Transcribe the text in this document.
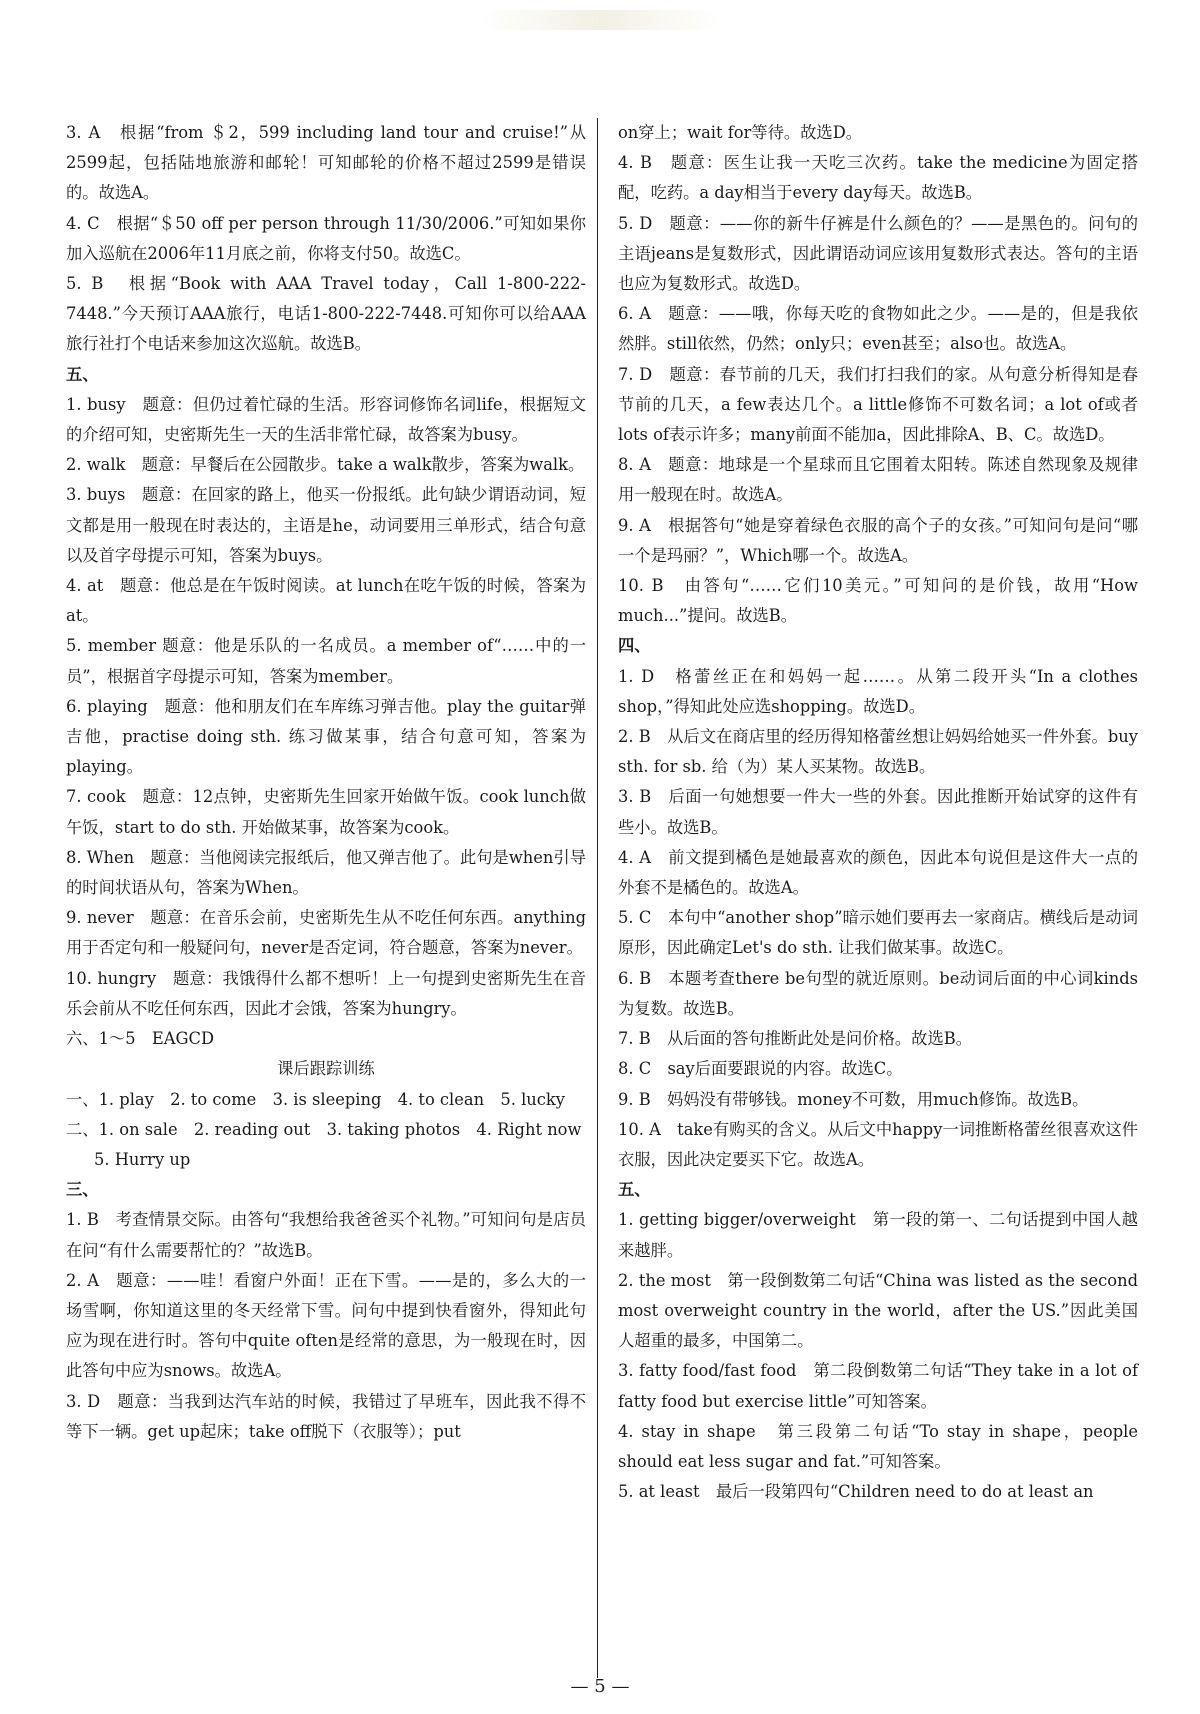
3. A　根据“from ＄2，599 including land tour and cruise!”从2599起，包括陆地旅游和邮轮！可知邮轮的价格不超过2599是错误的。故选A。

4. C　根据“＄50 off per person through 11/30/2006.”可知如果你加入巡航在2006年11月底之前，你将支付50。故选C。

5. B　根据“Book with AAA Travel today，Call 1-800-222-7448.”今天预订AAA旅行，电话1-800-222-7448.可知你可以给AAA旅行社打个电话来参加这次巡航。故选B。

五、

1. busy　题意：但仍过着忙碌的生活。形容词修饰名词life，根据短文的介绍可知，史密斯先生一天的生活非常忙碌，故答案为busy。

2. walk　题意：早餐后在公园散步。take a walk散步，答案为walk。

3. buys　题意：在回家的路上，他买一份报纸。此句缺少谓语动词，短文都是用一般现在时表达的，主语是he，动词要用三单形式，结合句意以及首字母提示可知，答案为buys。

4. at　题意：他总是在午饭时阅读。at lunch在吃午饭的时候，答案为at。

5. member 题意：他是乐队的一名成员。a member of“……中的一员”，根据首字母提示可知，答案为member。

6. playing　题意：他和朋友们在车库练习弹吉他。play the guitar弹吉他，practise doing sth. 练习做某事，结合句意可知，答案为playing。

7. cook　题意：12点钟，史密斯先生回家开始做午饭。cook lunch做午饭，start to do sth. 开始做某事，故答案为cook。

8. When　题意：当他阅读完报纸后，他又弹吉他了。此句是when引导的时间状语从句，答案为When。

9. never　题意：在音乐会前，史密斯先生从不吃任何东西。anything用于否定句和一般疑问句，never是否定词，符合题意，答案为never。

10. hungry　题意：我饿得什么都不想听！上一句提到史密斯先生在音乐会前从不吃任何东西，因此才会饿，答案为hungry。

六、1～5　EAGCD

课后跟踪训练

一、1. play　2. to come　3. is sleeping　4. to clean　5. lucky

二、1. on sale　2. reading out　3. taking photos　4. Right now

5. Hurry up

三、

1. B　考查情景交际。由答句“我想给我爸爸买个礼物。”可知问句是店员在问“有什么需要帮忙的？”故选B。

2. A　题意：——哇！看窗户外面！正在下雪。——是的，多么大的一场雪啊，你知道这里的冬天经常下雪。问句中提到快看窗外，得知此句应为现在进行时。答句中quite often是经常的意思，为一般现在时，因此答句中应为snows。故选A。

3. D　题意：当我到达汽车站的时候，我错过了早班车，因此我不得不等下一辆。get up起床；take off脱下（衣服等）；put

on穿上；wait for等待。故选D。

4. B　题意：医生让我一天吃三次药。take the medicine为固定搭配，吃药。a day相当于every day每天。故选B。

5. D　题意：——你的新牛仔裤是什么颜色的？——是黑色的。问句的主语jeans是复数形式，因此谓语动词应该用复数形式表达。答句的主语也应为复数形式。故选D。

6. A　题意：——哦，你每天吃的食物如此之少。——是的，但是我依然胖。still依然，仍然；only只；even甚至；also也。故选A。

7. D　题意：春节前的几天，我们打扫我们的家。从句意分析得知是春节前的几天，a few表达几个。a little修饰不可数名词；a lot of或者lots of表示许多；many前面不能加a，因此排除A、B、C。故选D。

8. A　题意：地球是一个星球而且它围着太阳转。陈述自然现象及规律用一般现在时。故选A。

9. A　根据答句“她是穿着绿色衣服的高个子的女孩。”可知问句是问“哪一个是玛丽？”，Which哪一个。故选A。

10. B　由答句“……它们10美元。”可知问的是价钱，故用“How much...”提问。故选B。

四、

1. D　格蕾丝正在和妈妈一起……。从第二段开头“In a clothes shop，”得知此处应选shopping。故选D。

2. B　从后文在商店里的经历得知格蕾丝想让妈妈给她买一件外套。buy sth. for sb. 给（为）某人买某物。故选B。

3. B　后面一句她想要一件大一些的外套。因此推断开始试穿的这件有些小。故选B。

4. A　前文提到橘色是她最喜欢的颜色，因此本句说但是这件大一点的外套不是橘色的。故选A。

5. C　本句中“another shop”暗示她们要再去一家商店。横线后是动词原形，因此确定Let's do sth. 让我们做某事。故选C。

6. B　本题考查there be句型的就近原则。be动词后面的中心词kinds为复数。故选B。

7. B　从后面的答句推断此处是问价格。故选B。

8. C　say后面要跟说的内容。故选C。

9. B　妈妈没有带够钱。money不可数，用much修饰。故选B。

10. A　take有购买的含义。从后文中happy一词推断格蕾丝很喜欢这件衣服，因此决定要买下它。故选A。

五、

1. getting bigger/overweight　第一段的第一、二句话提到中国人越来越胖。

2. the most　第一段倒数第二句话“China was listed as the second most overweight country in the world，after the US.”因此美国人超重的最多，中国第二。

3. fatty food/fast food　第二段倒数第二句话“They take in a lot of fatty food but exercise little”可知答案。

4. stay in shape　第三段第二句话“To stay in shape，people should eat less sugar and fat.”可知答案。

5. at least　最后一段第四句“Children need to do at least an

— 5 —
